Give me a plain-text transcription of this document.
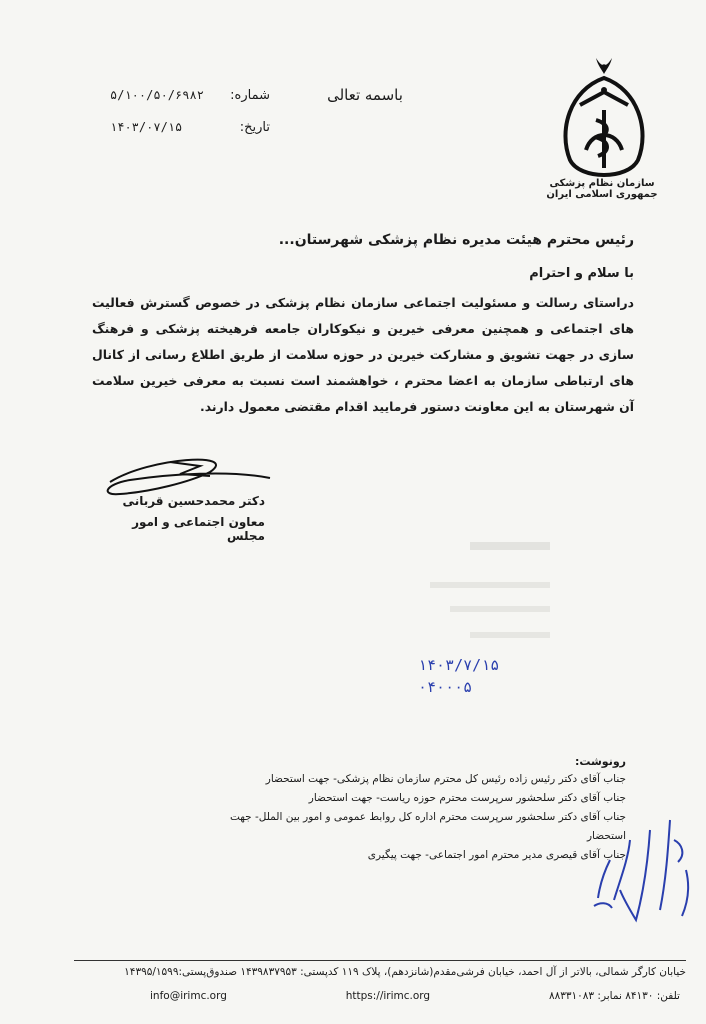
سازمان نظام پزشکی جمهوری اسلامی ایران
باسمه تعالی
۵/۱۰۰/۵۰/۶۹۸۲ شماره:
۱۴۰۳/۰۷/۱۵	تاریخ:
رئیس محترم هیئت مدیره نظام پزشکی شهرستان...
با سلام و احترام
دراستای رسالت و مسئولیت اجتماعی سازمان نظام پزشکی در خصوص گسترش فعالیت های اجتماعی و همچنین معرفی خیرین و نیکوکاران جامعه فرهیخته پزشکی و فرهنگ سازی در جهت تشویق و مشارکت خیرین در حوزه سلامت از طریق اطلاع رسانی از کانال های ارتباطی سازمان به اعضا محترم ، خواهشمند است نسبت به معرفی خیرین سلامت آن شهرستان به این معاونت دستور فرمایید اقدام مقتضی معمول دارند.
دکتر محمدحسین قربانی
معاون اجتماعی و امور مجلس
۱۴۰۳/۷/۱۵
۰۴۰۰۰۵
رونوشت:
جناب آقای دکتر رئیس زاده رئیس کل محترم سازمان نظام پزشکی- جهت استحضار
جناب آقای دکتر سلحشور سرپرست محترم حوزه ریاست- جهت استحضار
جناب آقای دکتر سلحشور سرپرست محترم اداره کل روابط عمومی و امور بین الملل- جهت استحضار
جناب آقای قیصری مدیر محترم امور اجتماعی- جهت پیگیری
خیابان کارگر شمالی، بالاتر از آل احمد، خیابان فرشی‌مقدم(شانزدهم)، پلاک ۱۱۹ کدپستی: ۱۴۳۹۸۳۷۹۵۳ صندوق‌پستی:۱۴۳۹۵/۱۵۹۹
info@irimc.org	https://irimc.org	تلفن: ۸۴۱۳۰ نمابر: ۸۸۳۳۱۰۸۳
